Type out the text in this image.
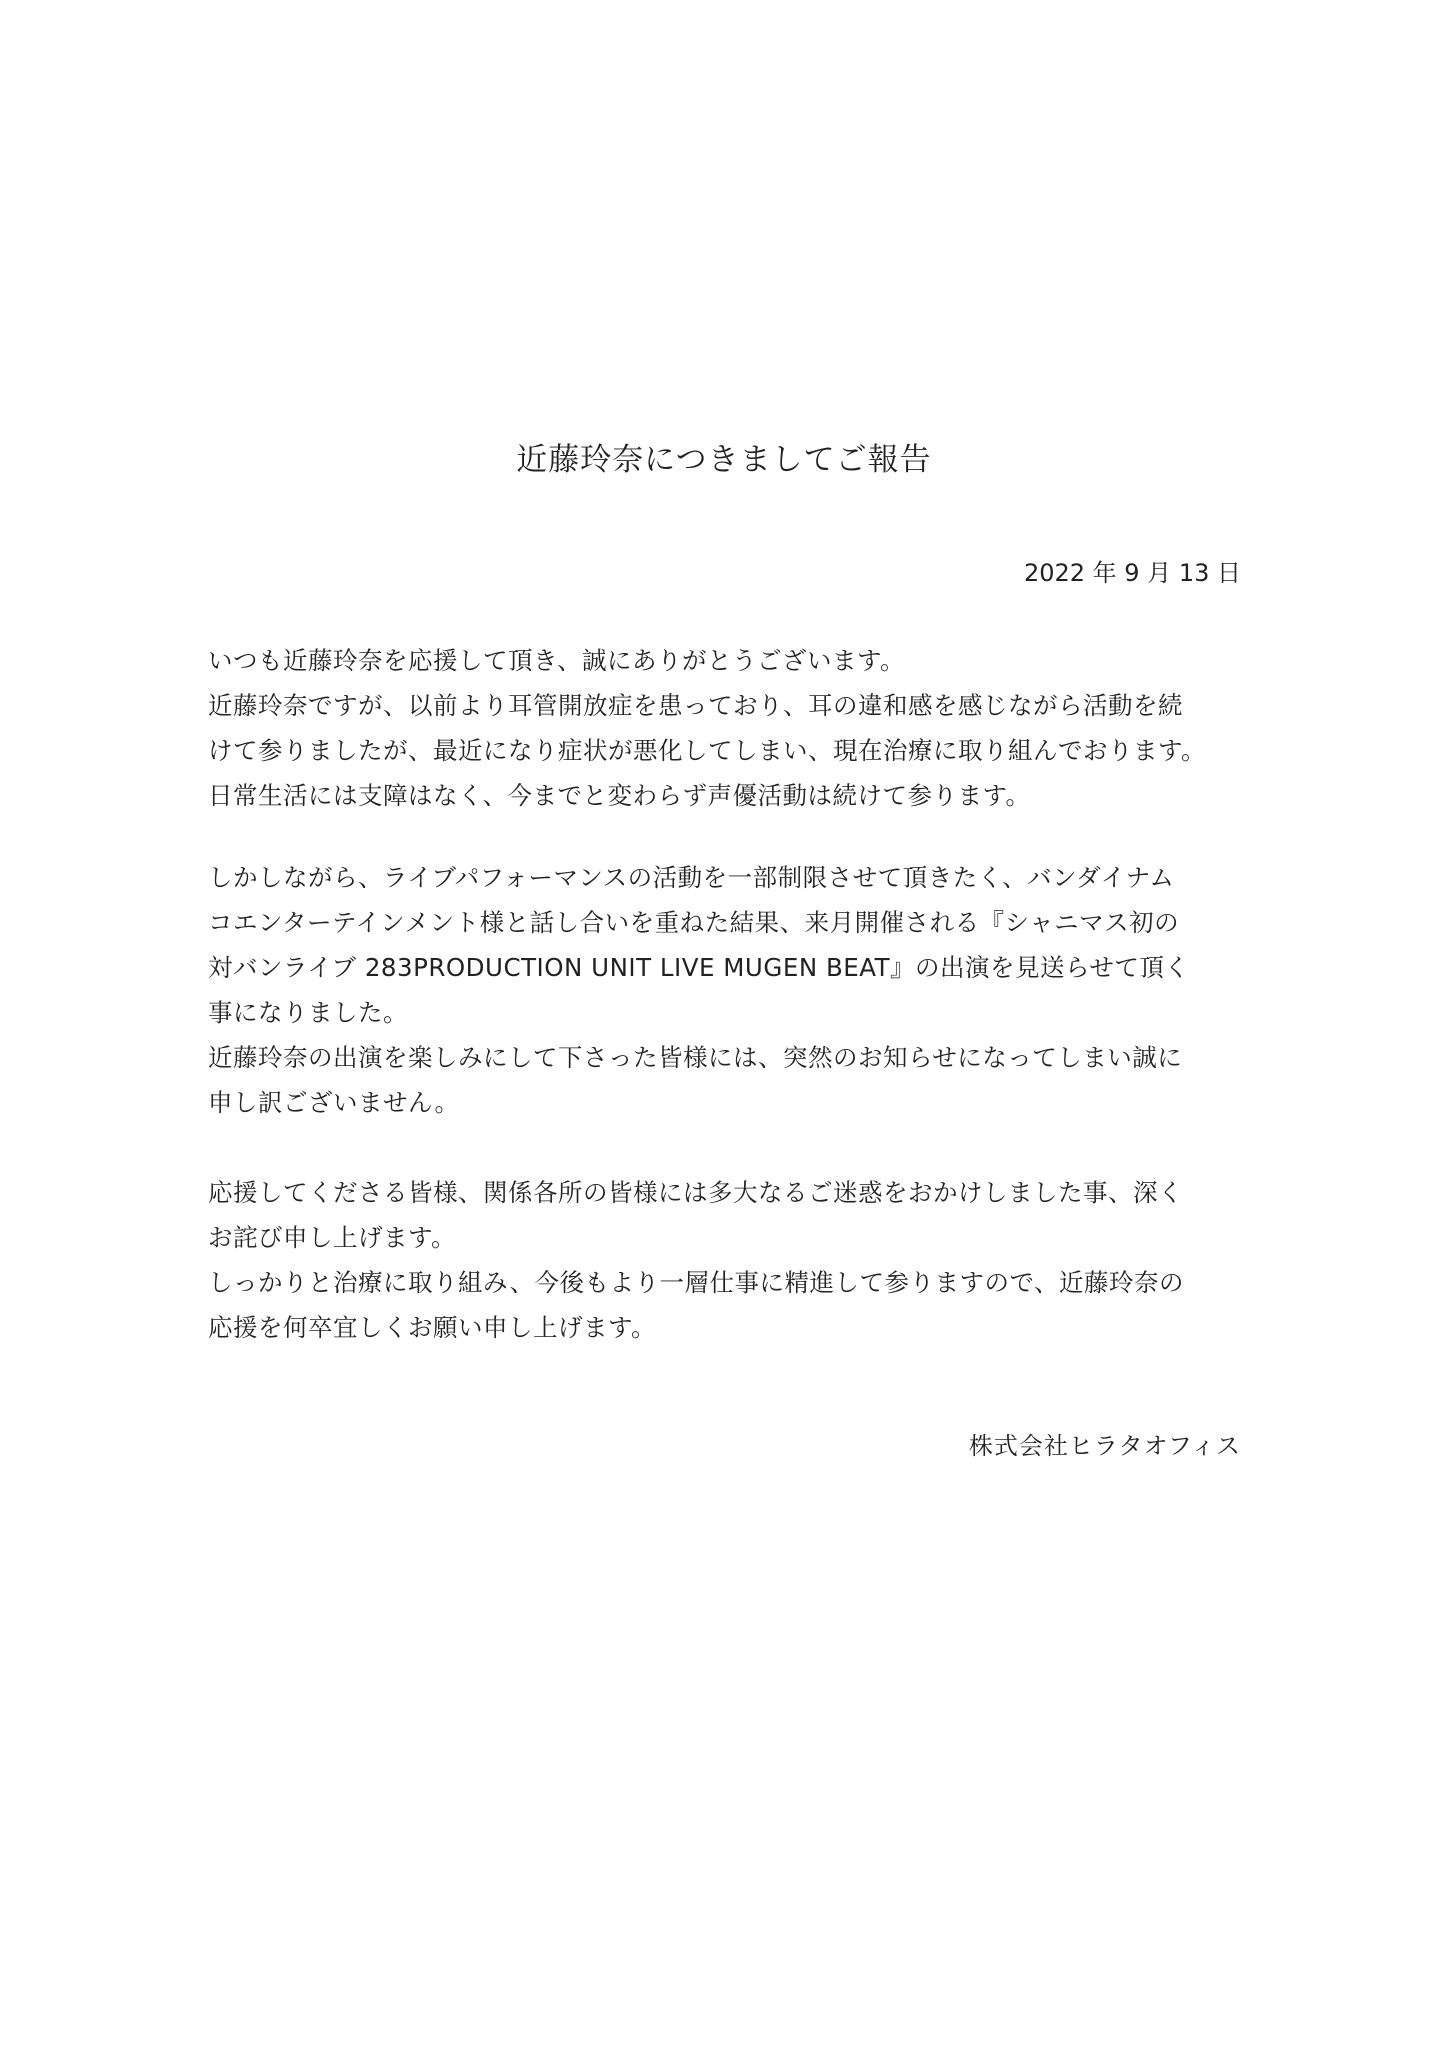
近藤玲奈につきましてご報告
2022 年 9 月 13 日
いつも近藤玲奈を応援して頂き、誠にありがとうございます。
近藤玲奈ですが、以前より耳管開放症を患っており、耳の違和感を感じながら活動を続
けて参りましたが、最近になり症状が悪化してしまい、現在治療に取り組んでおります。
日常生活には支障はなく、今までと変わらず声優活動は続けて参ります。
しかしながら、ライブパフォーマンスの活動を一部制限させて頂きたく、バンダイナム
コエンターテインメント様と話し合いを重ねた結果、来月開催される『シャニマス初の
対バンライブ 283PRODUCTION UNIT LIVE MUGEN BEAT』の出演を見送らせて頂く
事になりました。
近藤玲奈の出演を楽しみにして下さった皆様には、突然のお知らせになってしまい誠に
申し訳ございません。
応援してくださる皆様、関係各所の皆様には多大なるご迷惑をおかけしました事、深く
お詫び申し上げます。
しっかりと治療に取り組み、今後もより一層仕事に精進して参りますので、近藤玲奈の
応援を何卒宜しくお願い申し上げます。
株式会社ヒラタオフィス
